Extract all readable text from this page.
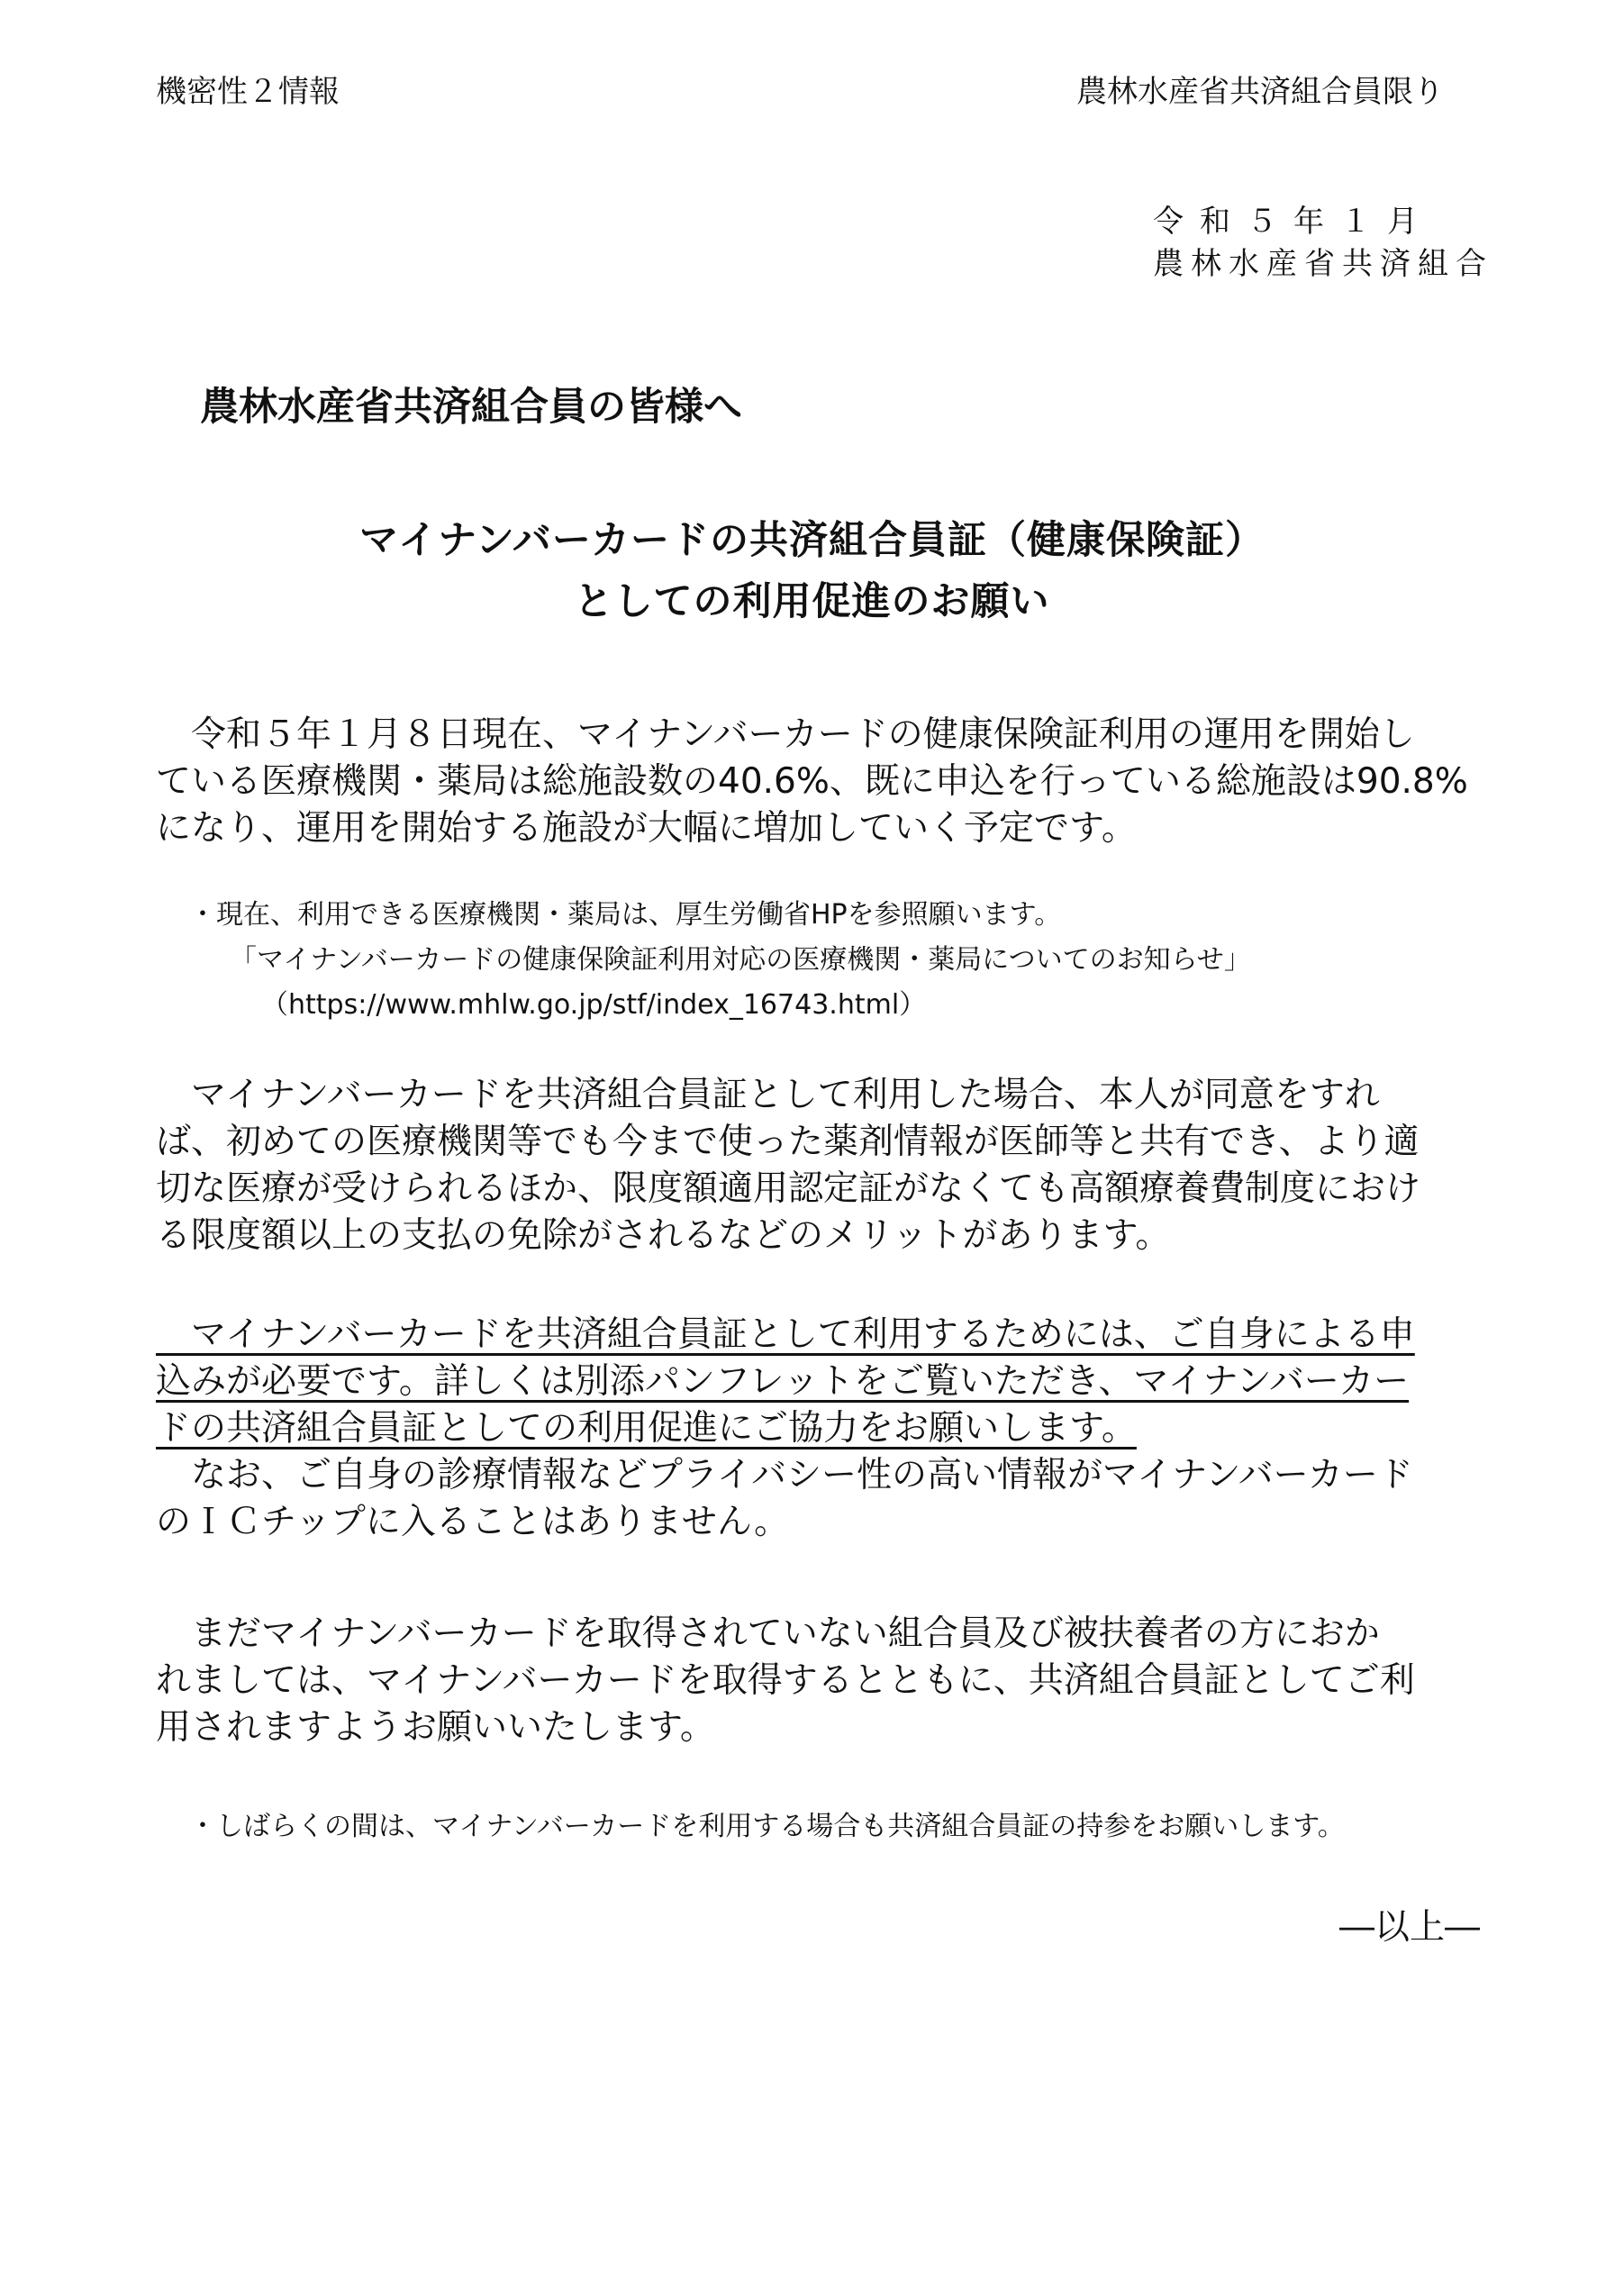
機密性２情報	農林水産省共済組合員限り
令和５年１月
農林水産省共済組合
農林水産省共済組合員の皆様へ
マイナンバーカードの共済組合員証（健康保険証）
としての利用促進のお願い

　令和５年１月８日現在、マイナンバーカードの健康保険証利用の運用を開始し

ている医療機関・薬局は総施設数の40.6%、既に申込を行っている総施設は90.8%

になり、運用を開始する施設が大幅に増加していく予定です。

・現在、利用できる医療機関・薬局は、厚生労働省HPを参照願います。
「マイナンバーカードの健康保険証利用対応の医療機関・薬局についてのお知らせ」
（https://www.mhlw.go.jp/stf/index_16743.html）

　マイナンバーカードを共済組合員証として利用した場合、本人が同意をすれ

ば、初めての医療機関等でも今まで使った薬剤情報が医師等と共有でき、より適

切な医療が受けられるほか、限度額適用認定証がなくても高額療養費制度におけ

る限度額以上の支払の免除がされるなどのメリットがあります。

　マイナンバーカードを共済組合員証として利用するためには、ご自身による申

込みが必要です。詳しくは別添パンフレットをご覧いただき、マイナンバーカー

ドの共済組合員証としての利用促進にご協力をお願いします。

　なお、ご自身の診療情報などプライバシー性の高い情報がマイナンバーカード

のＩＣチップに入ることはありません。

　まだマイナンバーカードを取得されていない組合員及び被扶養者の方におか

れましては、マイナンバーカードを取得するとともに、共済組合員証としてご利

用されますようお願いいたします。

・しばらくの間は、マイナンバーカードを利用する場合も共済組合員証の持参をお願いします。
―以上―
